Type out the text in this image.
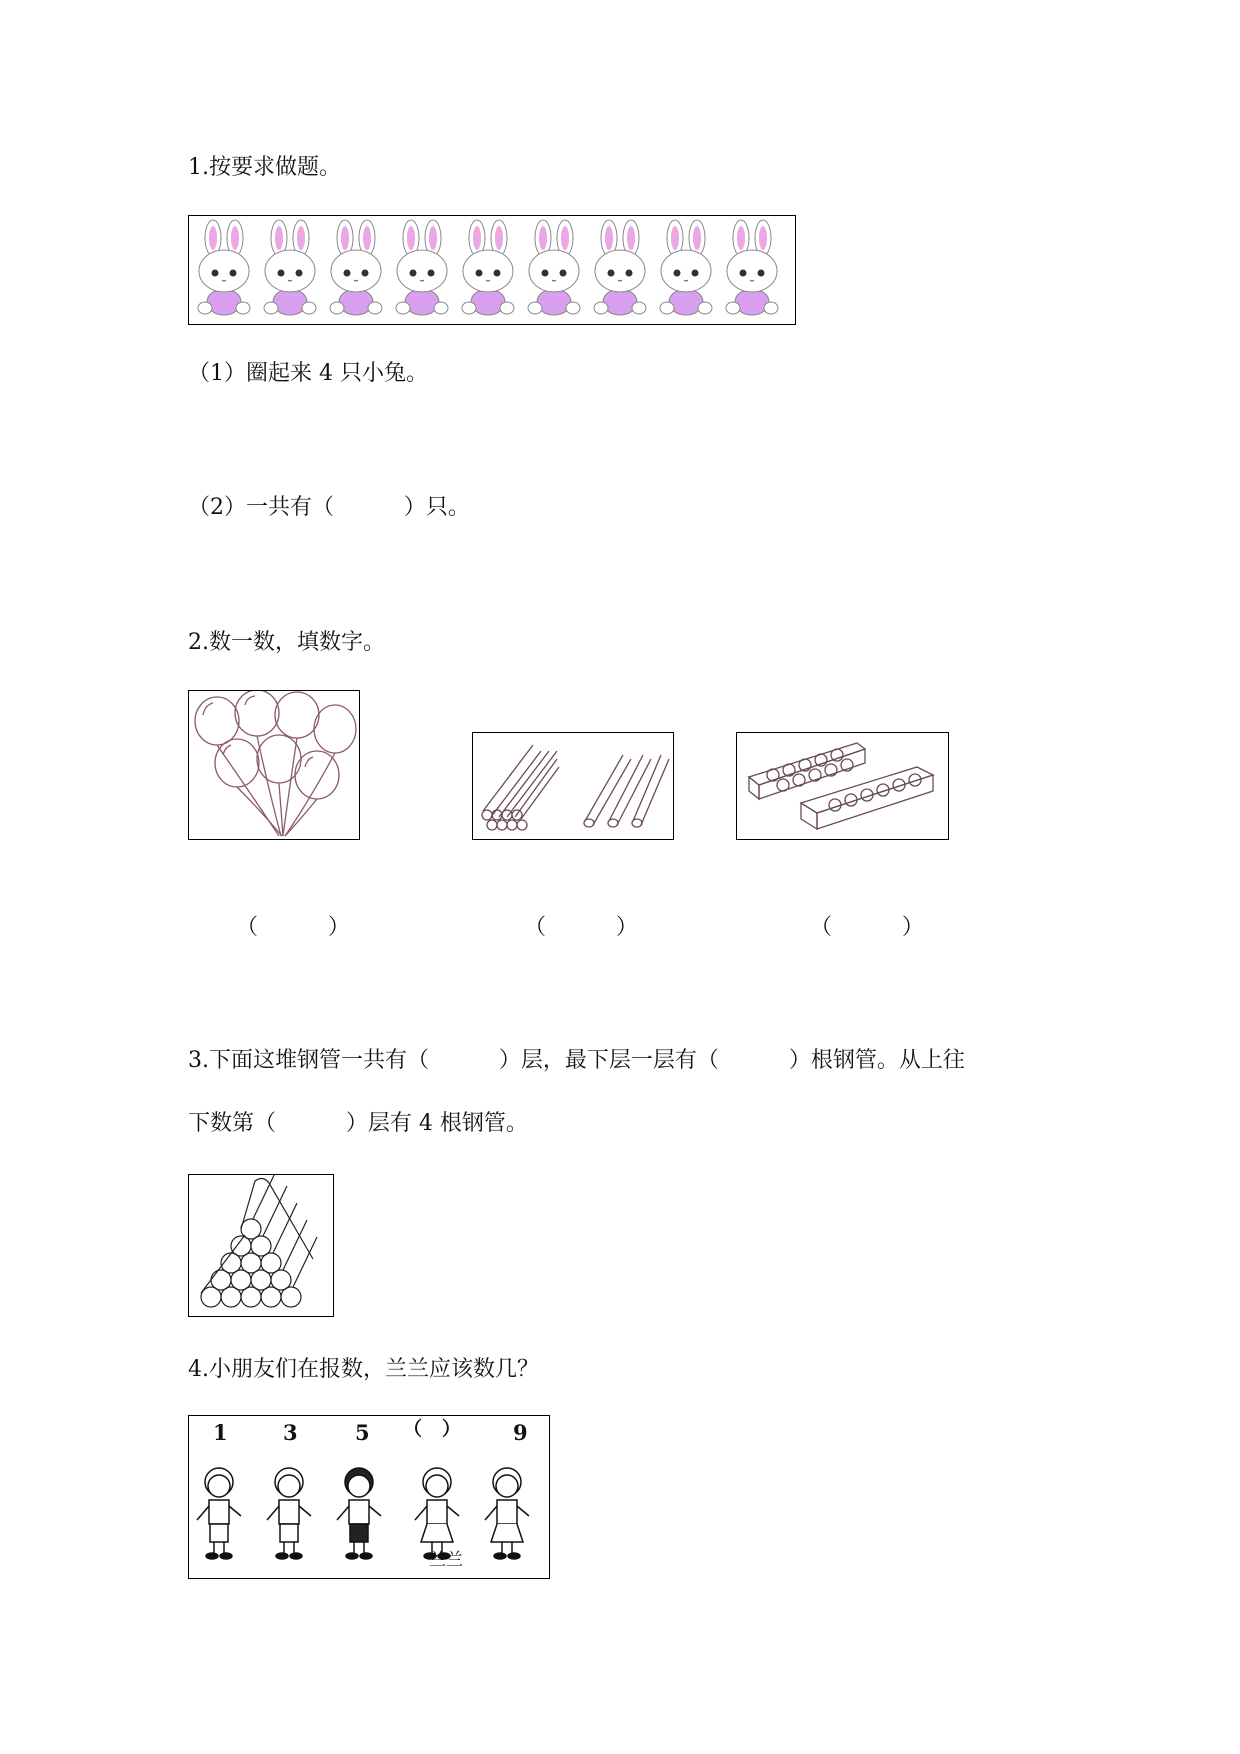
1.按要求做题。
（1）圈起来 4 只小兔。
（2）一共有（          ）只。
2.数一数，填数字。
（          ）	（          ）	（          ）
3.下面这堆钢管一共有（          ）层，最下层一层有（          ）根钢管。从上往
下数第（          ）层有 4 根钢管。
4.小朋友们在报数，兰兰应该数几？
1	3	5 （   ） 9
兰兰
